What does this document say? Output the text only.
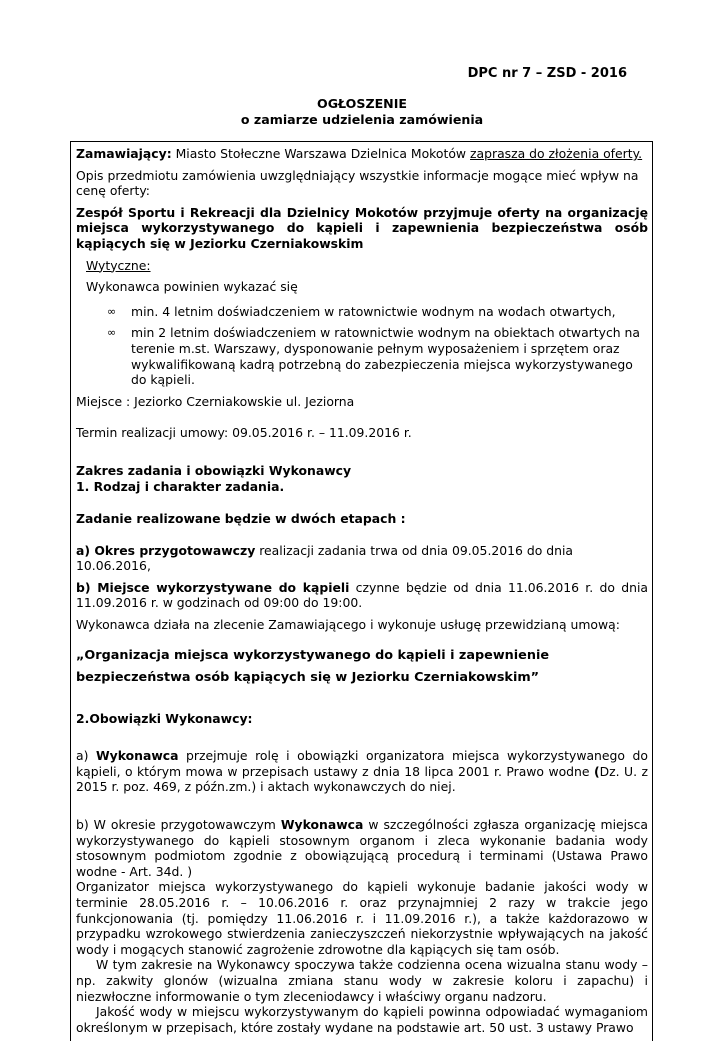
DPC nr 7 – ZSD - 2016
OGŁOSZENIE
o zamiarze udzielenia zamówienia

Zamawiający: Miasto Stołeczne Warszawa Dzielnica Mokotów zaprasza do złożenia oferty.

Opis przedmiotu zamówienia uwzględniający wszystkie informacje mogące mieć wpływ na cenę oferty:

Zespół Sportu i Rekreacji dla Dzielnicy Mokotów przyjmuje oferty na organizację miejsca wykorzystywanego do kąpieli i zapewnienia bezpieczeństwa osób kąpiących się w Jeziorku Czerniakowskim

Wytyczne:

Wykonawca powinien wykazać się

∞ min. 4 letnim doświadczeniem w ratownictwie wodnym na wodach otwartych,
∞ min 2 letnim doświadczeniem w ratownictwie wodnym na obiektach otwartych na terenie m.st. Warszawy, dysponowanie pełnym wyposażeniem i sprzętem oraz wykwalifikowaną kadrą potrzebną do zabezpieczenia miejsca wykorzystywanego do kąpieli.

Miejsce : Jeziorko Czerniakowskie ul. Jeziorna

Termin realizacji umowy: 09.05.2016 r. – 11.09.2016 r.

Zakres zadania i obowiązki Wykonawcy

1. Rodzaj i charakter zadania.

Zadanie realizowane będzie w dwóch etapach :

a) Okres przygotowawczy realizacji zadania trwa od dnia 09.05.2016 do dnia 10.06.2016,

b) Miejsce wykorzystywane do kąpieli czynne będzie od dnia 11.06.2016 r. do dnia 11.09.2016 r. w godzinach od 09:00 do 19:00.

Wykonawca działa na zlecenie Zamawiającego i wykonuje usługę przewidzianą umową:

„Organizacja miejsca wykorzystywanego do kąpieli i zapewnienie bezpieczeństwa osób kąpiących się w Jeziorku Czerniakowskim”

2.Obowiązki Wykonawcy:

a) Wykonawca przejmuje rolę i obowiązki organizatora miejsca wykorzystywanego do kąpieli, o którym mowa w przepisach ustawy z dnia 18 lipca 2001 r. Prawo wodne (Dz. U. z 2015 r. poz. 469, z późn.zm.) i aktach wykonawczych do niej.

b) W okresie przygotowawczym Wykonawca w szczególności zgłasza organizację miejsca wykorzystywanego do kąpieli stosownym organom i zleca wykonanie badania wody stosownym podmiotom zgodnie z obowiązującą procedurą i terminami (Ustawa Prawo wodne - Art. 34d. )

Organizator miejsca wykorzystywanego do kąpieli wykonuje badanie jakości wody w terminie 28.05.2016 r. – 10.06.2016 r. oraz przynajmniej 2 razy w trakcie jego funkcjonowania (tj. pomiędzy 11.06.2016 r. i 11.09.2016 r.), a także każdorazowo w przypadku wzrokowego stwierdzenia zanieczyszczeń niekorzystnie wpływających na jakość wody i mogących stanowić zagrożenie zdrowotne dla kąpiących się tam osób.

W tym zakresie na Wykonawcy spoczywa także codzienna ocena wizualna stanu wody – np. zakwity glonów (wizualna zmiana stanu wody w zakresie koloru i zapachu) i niezwłoczne informowanie o tym zleceniodawcy i właściwy organu nadzoru.

Jakość wody w miejscu wykorzystywanym do kąpieli powinna odpowiadać wymaganiom określonym w przepisach, które zostały wydane na podstawie art. 50 ust. 3 ustawy Prawo
